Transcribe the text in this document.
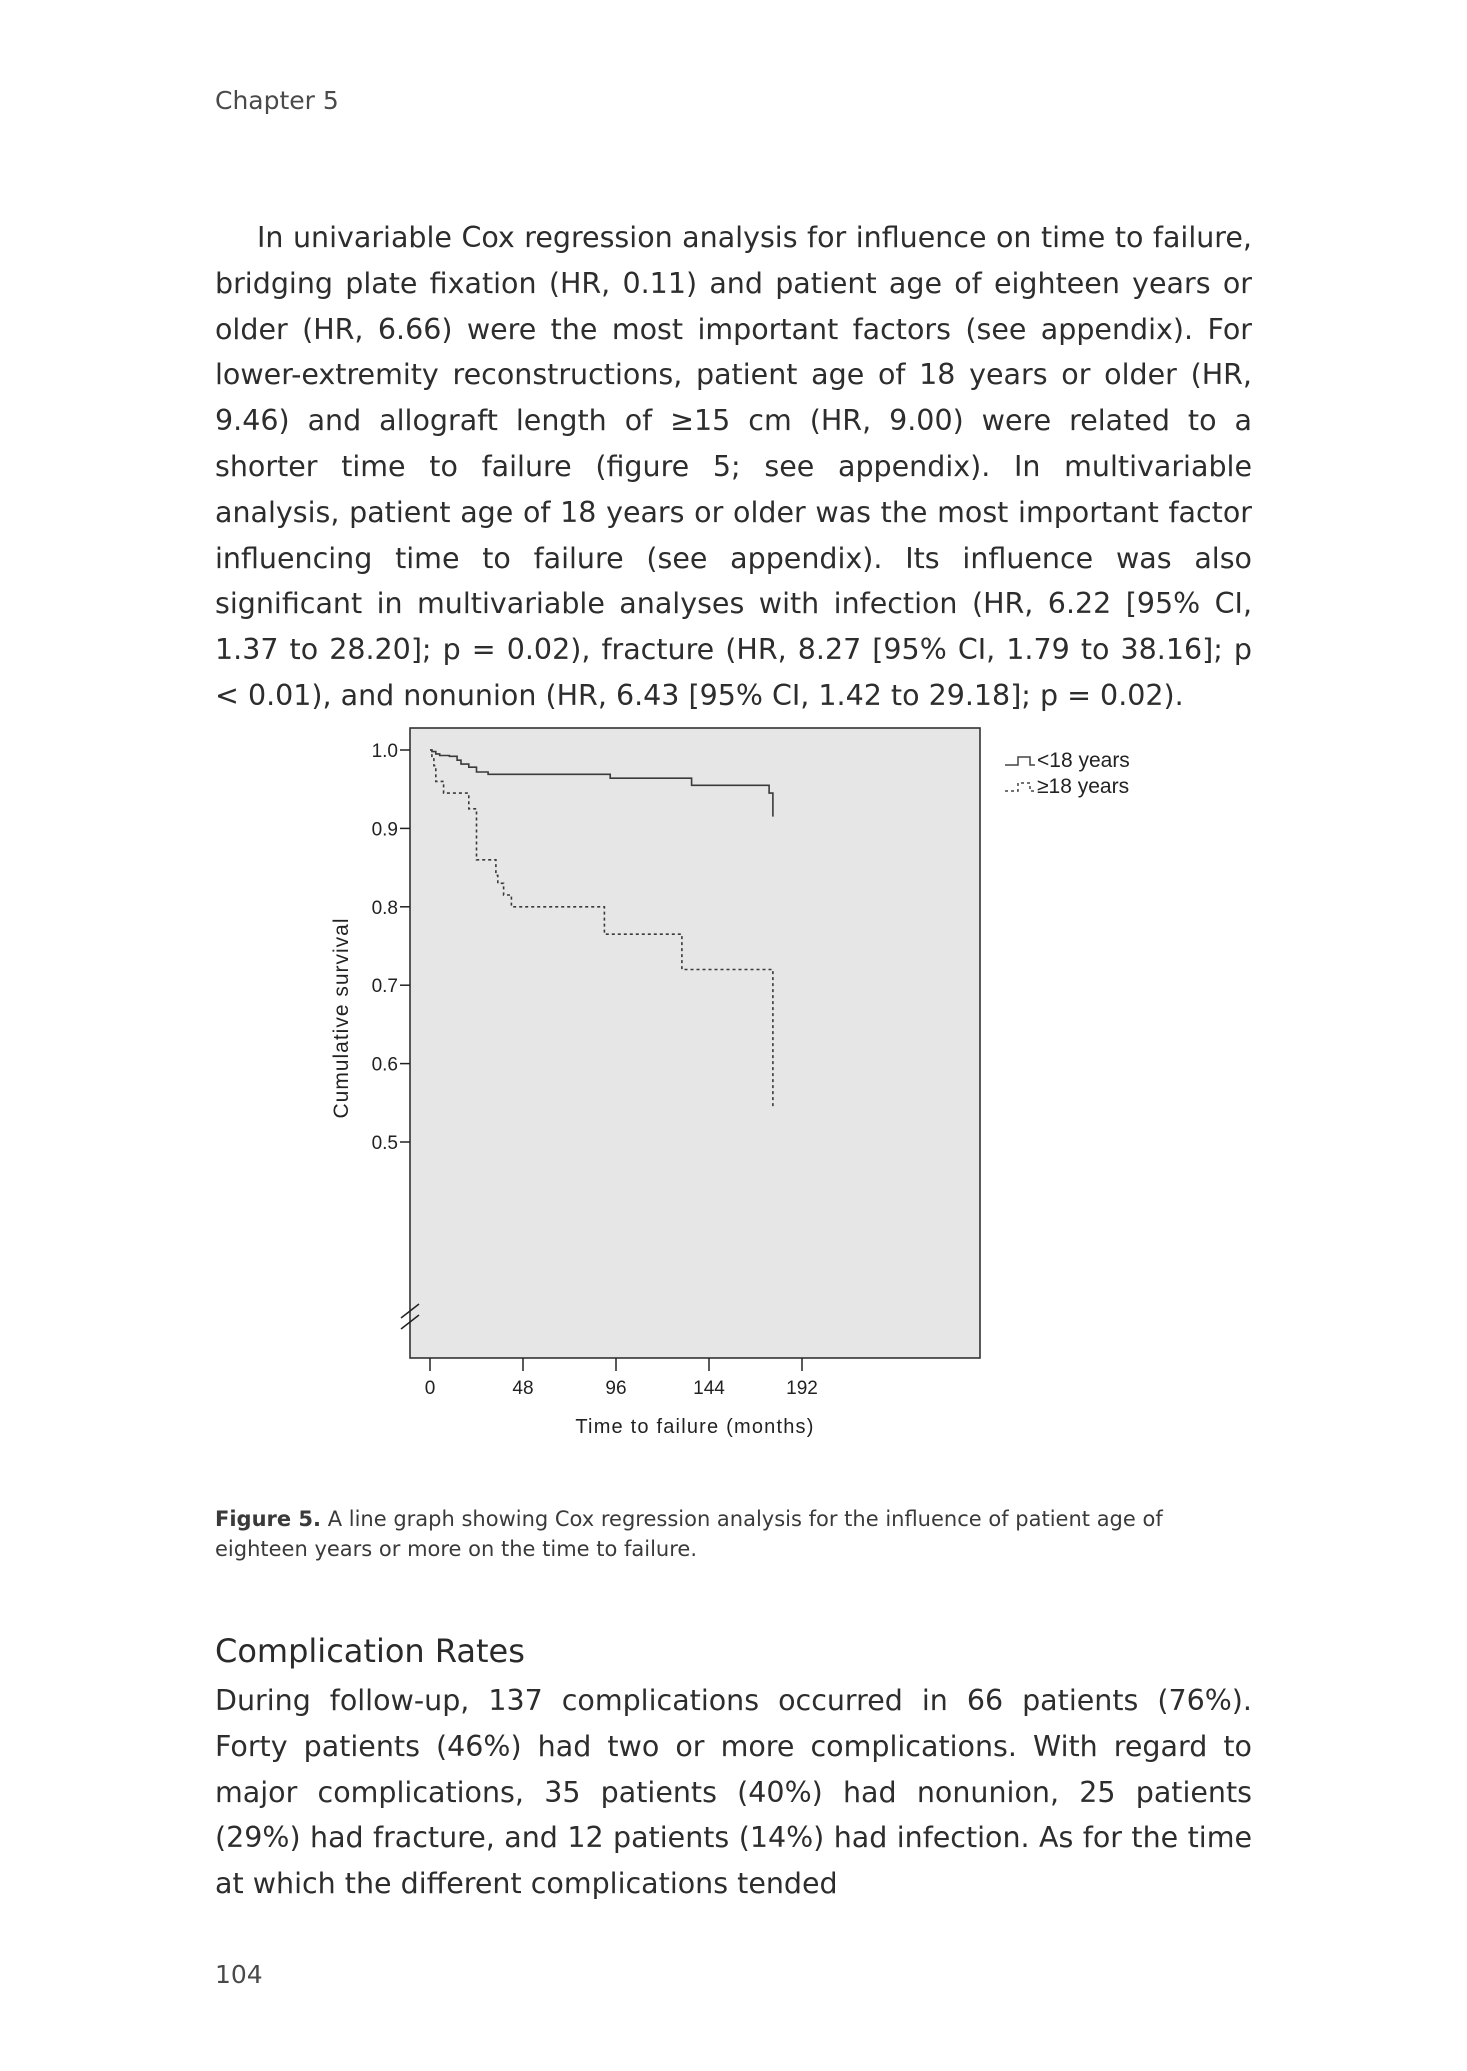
Chapter 5

In univariable Cox regression analysis for influence on time to failure, bridging plate fixation (HR, 0.11) and patient age of eighteen years or older (HR, 6.66) were the most important factors (see appendix). For lower-extremity reconstructions, patient age of 18 years or older (HR, 9.46) and allograft length of ≥15 cm (HR, 9.00) were related to a shorter time to failure (figure 5; see appendix). In multivariable analysis, patient age of 18 years or older was the most important factor influencing time to failure (see appendix). Its influence was also significant in multivariable analyses with infection (HR, 6.22 [95% CI, 1.37 to 28.20]; p = 0.02), fracture (HR, 8.27 [95% CI, 1.79 to 38.16]; p < 0.01), and nonunion (HR, 6.43 [95% CI, 1.42 to 29.18]; p = 0.02).

0.5
0.6
0.7
0.8
0.9
1.0
0	48	96	144	192
Cumulative survival
Time to failure (months)
<18 years
≥18 years

Figure 5. A line graph showing Cox regression analysis for the influence of patient age of eighteen years or more on the time to failure.

Complication Rates

During follow-up, 137 complications occurred in 66 patients (76%). Forty patients (46%) had two or more complications. With regard to major complications, 35 patients (40%) had nonunion, 25 patients (29%) had fracture, and 12 patients (14%) had infection. As for the time at which the different complications tended

104
